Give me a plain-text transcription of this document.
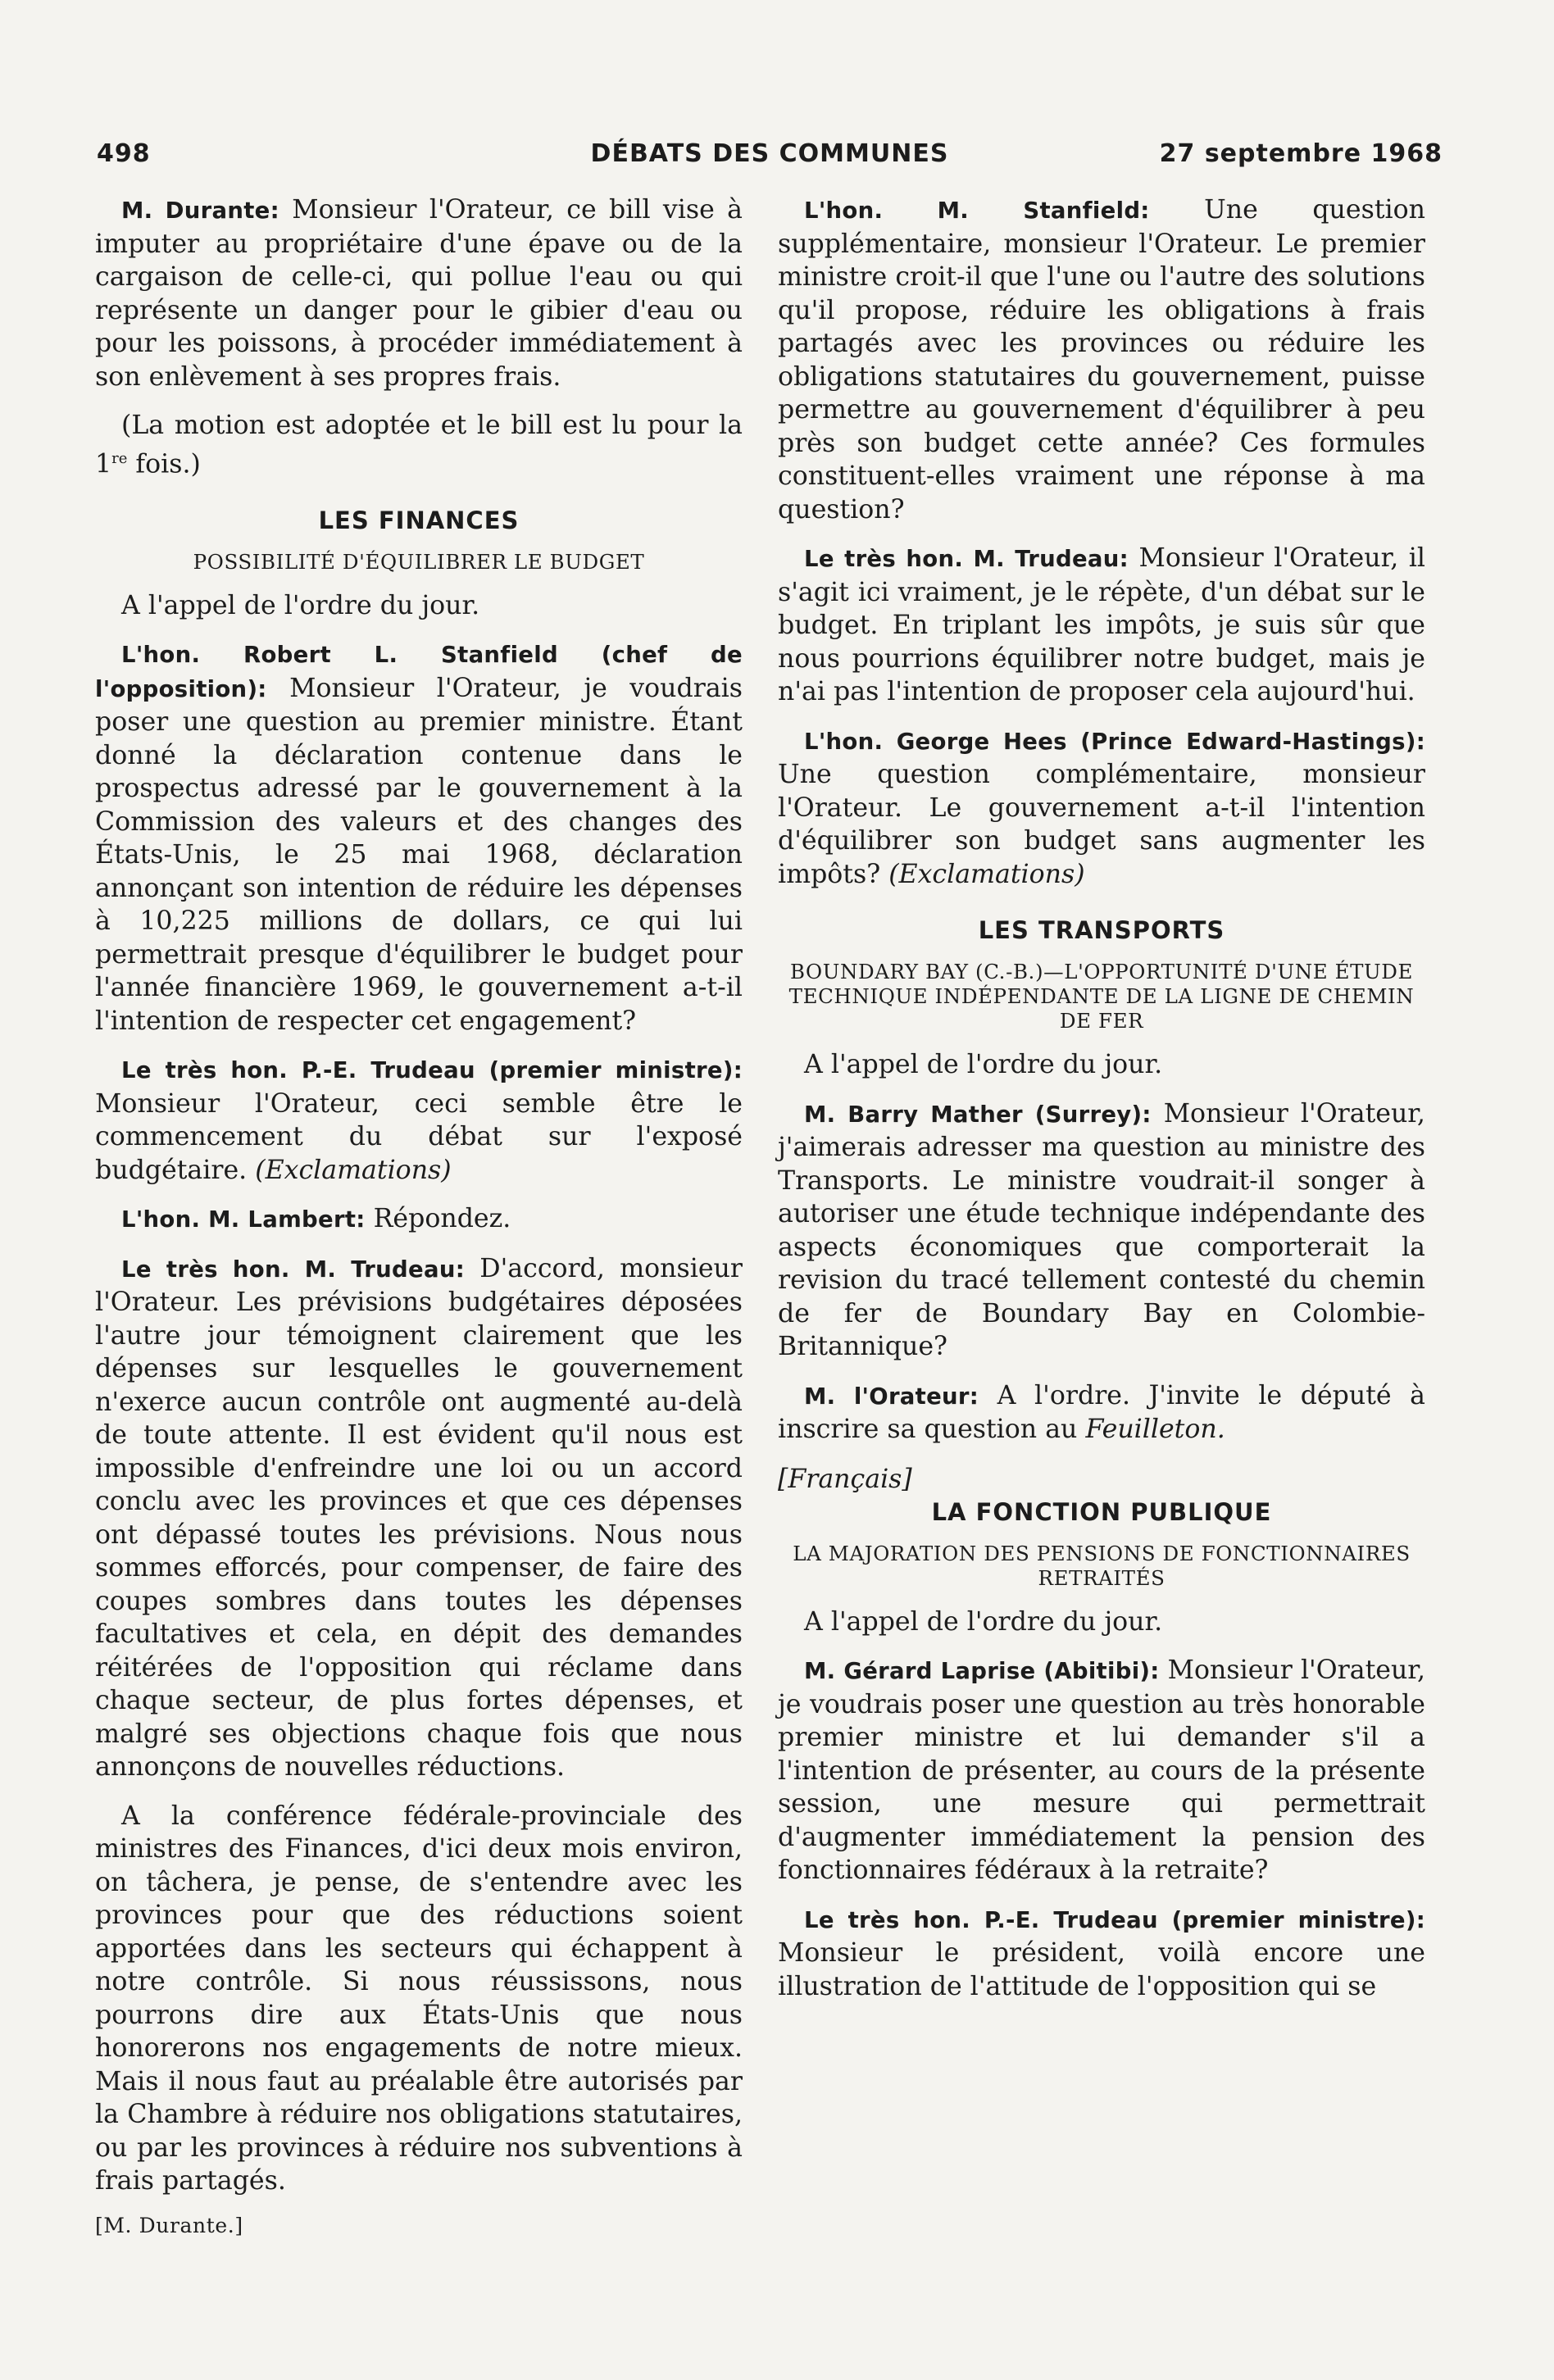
DÉBATS DES COMMUNES
498	27 septembre 1968

M. Durante: Monsieur l'Orateur, ce bill vise à imputer au propriétaire d'une épave ou de la cargaison de celle-ci, qui pollue l'eau ou qui représente un danger pour le gibier d'eau ou pour les poissons, à procéder immédiatement à son enlèvement à ses propres frais.

(La motion est adoptée et le bill est lu pour la 1re fois.)

LES FINANCES
POSSIBILITÉ D'ÉQUILIBRER LE BUDGET

A l'appel de l'ordre du jour.

L'hon. Robert L. Stanfield (chef de l'opposition): Monsieur l'Orateur, je voudrais poser une question au premier ministre. Étant donné la déclaration contenue dans le prospectus adressé par le gouvernement à la Commission des valeurs et des changes des États-Unis, le 25 mai 1968, déclaration annonçant son intention de réduire les dépenses à 10,225 millions de dollars, ce qui lui permettrait presque d'équilibrer le budget pour l'année financière 1969, le gouvernement a-t-il l'intention de respecter cet engagement?

Le très hon. P.-E. Trudeau (premier ministre): Monsieur l'Orateur, ceci semble être le commencement du débat sur l'exposé budgétaire. (Exclamations)

L'hon. M. Lambert: Répondez.

Le très hon. M. Trudeau: D'accord, monsieur l'Orateur. Les prévisions budgétaires déposées l'autre jour témoignent clairement que les dépenses sur lesquelles le gouvernement n'exerce aucun contrôle ont augmenté au-delà de toute attente. Il est évident qu'il nous est impossible d'enfreindre une loi ou un accord conclu avec les provinces et que ces dépenses ont dépassé toutes les prévisions. Nous nous sommes efforcés, pour compenser, de faire des coupes sombres dans toutes les dépenses facultatives et cela, en dépit des demandes réitérées de l'opposition qui réclame dans chaque secteur, de plus fortes dépenses, et malgré ses objections chaque fois que nous annonçons de nouvelles réductions.

A la conférence fédérale-provinciale des ministres des Finances, d'ici deux mois environ, on tâchera, je pense, de s'entendre avec les provinces pour que des réductions soient apportées dans les secteurs qui échappent à notre contrôle. Si nous réussissons, nous pourrons dire aux États-Unis que nous honorerons nos engagements de notre mieux. Mais il nous faut au préalable être autorisés par la Chambre à réduire nos obligations statutaires, ou par les provinces à réduire nos subventions à frais partagés.

[M. Durante.]

L'hon. M. Stanfield: Une question supplémentaire, monsieur l'Orateur. Le premier ministre croit-il que l'une ou l'autre des solutions qu'il propose, réduire les obligations à frais partagés avec les provinces ou réduire les obligations statutaires du gouvernement, puisse permettre au gouvernement d'équilibrer à peu près son budget cette année? Ces formules constituent-elles vraiment une réponse à ma question?

Le très hon. M. Trudeau: Monsieur l'Orateur, il s'agit ici vraiment, je le répète, d'un débat sur le budget. En triplant les impôts, je suis sûr que nous pourrions équilibrer notre budget, mais je n'ai pas l'intention de proposer cela aujourd'hui.

L'hon. George Hees (Prince Edward-Hastings): Une question complémentaire, monsieur l'Orateur. Le gouvernement a-t-il l'intention d'équilibrer son budget sans augmenter les impôts? (Exclamations)

LES TRANSPORTS
BOUNDARY BAY (C.-B.)—L'OPPORTUNITÉ D'UNE ÉTUDE TECHNIQUE INDÉPENDANTE DE LA LIGNE DE CHEMIN DE FER

A l'appel de l'ordre du jour.

M. Barry Mather (Surrey): Monsieur l'Orateur, j'aimerais adresser ma question au ministre des Transports. Le ministre voudrait-il songer à autoriser une étude technique indépendante des aspects économiques que comporterait la revision du tracé tellement contesté du chemin de fer de Boundary Bay en Colombie-Britannique?

M. l'Orateur: A l'ordre. J'invite le député à inscrire sa question au Feuilleton.

[Français]
LA FONCTION PUBLIQUE
LA MAJORATION DES PENSIONS DE FONCTIONNAIRES RETRAITÉS

A l'appel de l'ordre du jour.

M. Gérard Laprise (Abitibi): Monsieur l'Orateur, je voudrais poser une question au très honorable premier ministre et lui demander s'il a l'intention de présenter, au cours de la présente session, une mesure qui permettrait d'augmenter immédiatement la pension des fonctionnaires fédéraux à la retraite?

Le très hon. P.-E. Trudeau (premier ministre): Monsieur le président, voilà encore une illustration de l'attitude de l'opposition qui se
